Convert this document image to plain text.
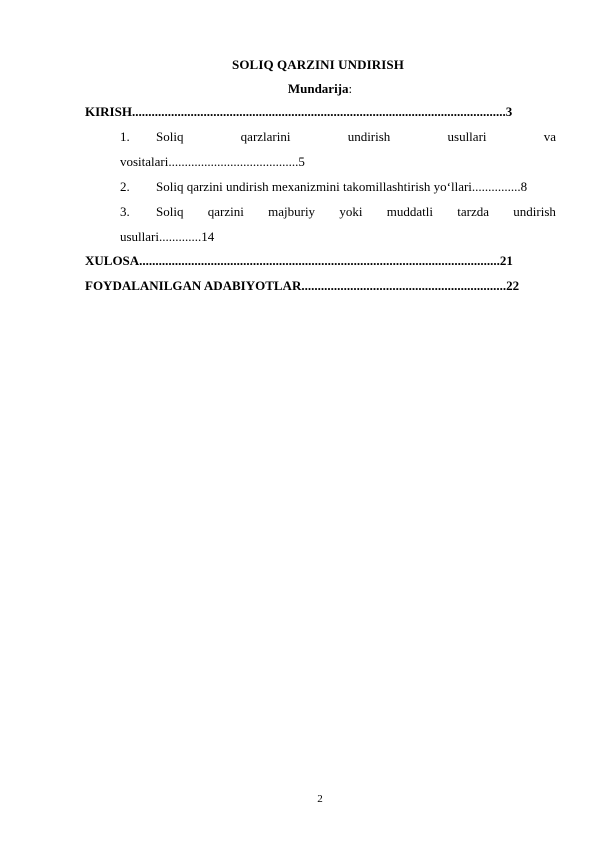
SOLIQ QARZINI UNDIRISH
Mundarija:
KIRISH...................................................................................................................3
1. Soliq	qarzlarini	undirish	usullari	va
vositalari........................................5
2. Soliq qarzini undirish mexanizmini takomillashtirish yo‘llari...............8
3. Soliq qarzini majburiy yoki muddatli tarzda undirish
usullari.............14
XULOSA...............................................................................................................21
FOYDALANILGAN ADABIYOTLAR...............................................................22
2
